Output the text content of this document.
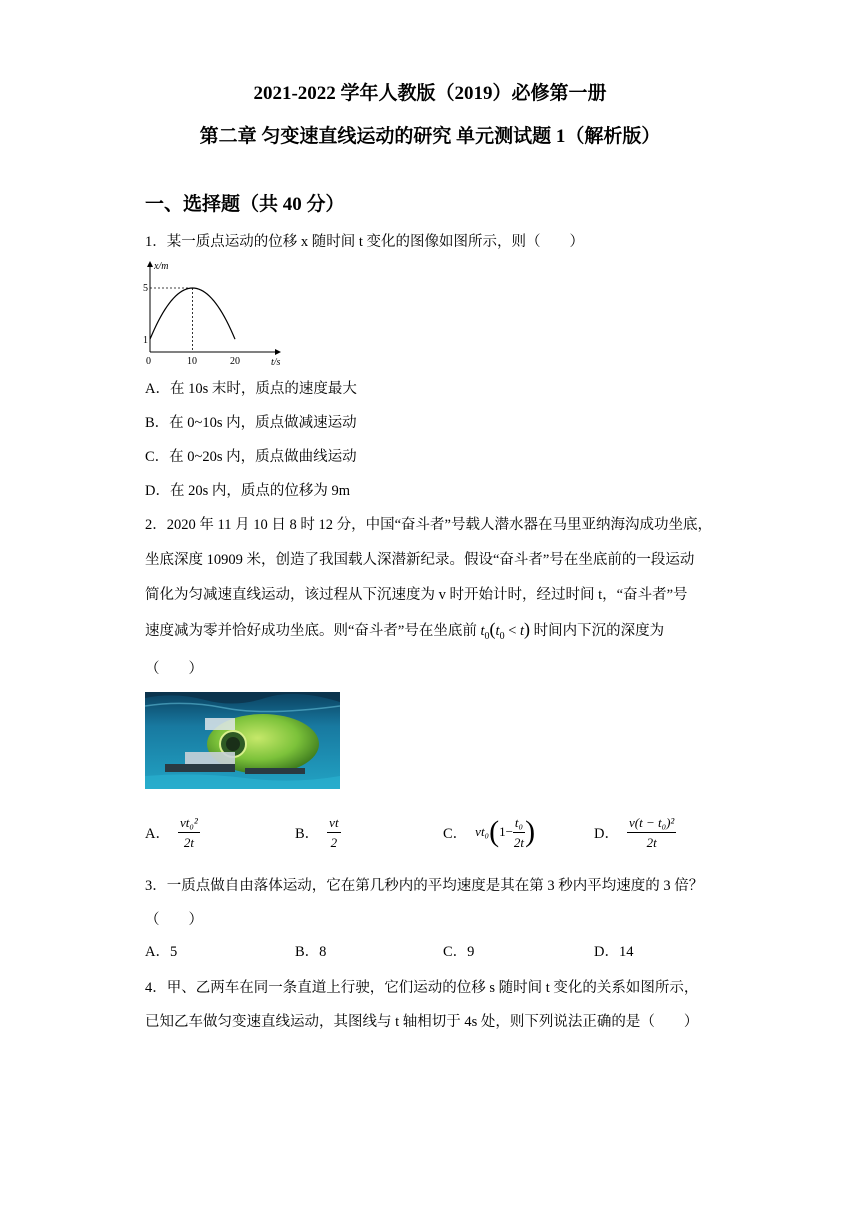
2021-2022 学年人教版（2019）必修第一册
第二章 匀变速直线运动的研究 单元测试题 1（解析版）
一、选择题（共 40 分）
1．某一质点运动的位移 x 随时间 t 变化的图像如图所示，则（　　）
x/m
t/s
5
1
0	10	20
A．在 10s 末时，质点的速度最大
B．在 0~10s 内，质点做减速运动
C．在 0~20s 内，质点做曲线运动
D．在 20s 内，质点的位移为 9m
2．2020 年 11 月 10 日 8 时 12 分，中国“奋斗者”号载人潜水器在马里亚纳海沟成功坐底，
坐底深度 10909 米，创造了我国载人深潜新纪录。假设“奋斗者”号在坐底前的一段运动
简化为匀减速直线运动，该过程从下沉速度为 v 时开始计时，经过时间 t，“奋斗者”号
速度减为零并恰好成功坐底。则“奋斗者”号在坐底前 $t_0(t_0 < t)$ 时间内下沉的深度为
（　　）
A． $\frac{\text{vt₀²}}{2t}$	B． $\frac{vt}{2}$	C． vt₀ ( $1- \frac{\text{t₀}}{2t}$ )	D． $\frac{\text{v(t − t₀)²}}{2t}$
3．一质点做自由落体运动，它在第几秒内的平均速度是其在第 3 秒内平均速度的 3 倍？
（　　）
A．5	B．8	C．9	D．14
4．甲、乙两车在同一条直道上行驶，它们运动的位移 s 随时间 t 变化的关系如图所示，
已知乙车做匀变速直线运动，其图线与 t 轴相切于 4s 处，则下列说法正确的是（　　）
